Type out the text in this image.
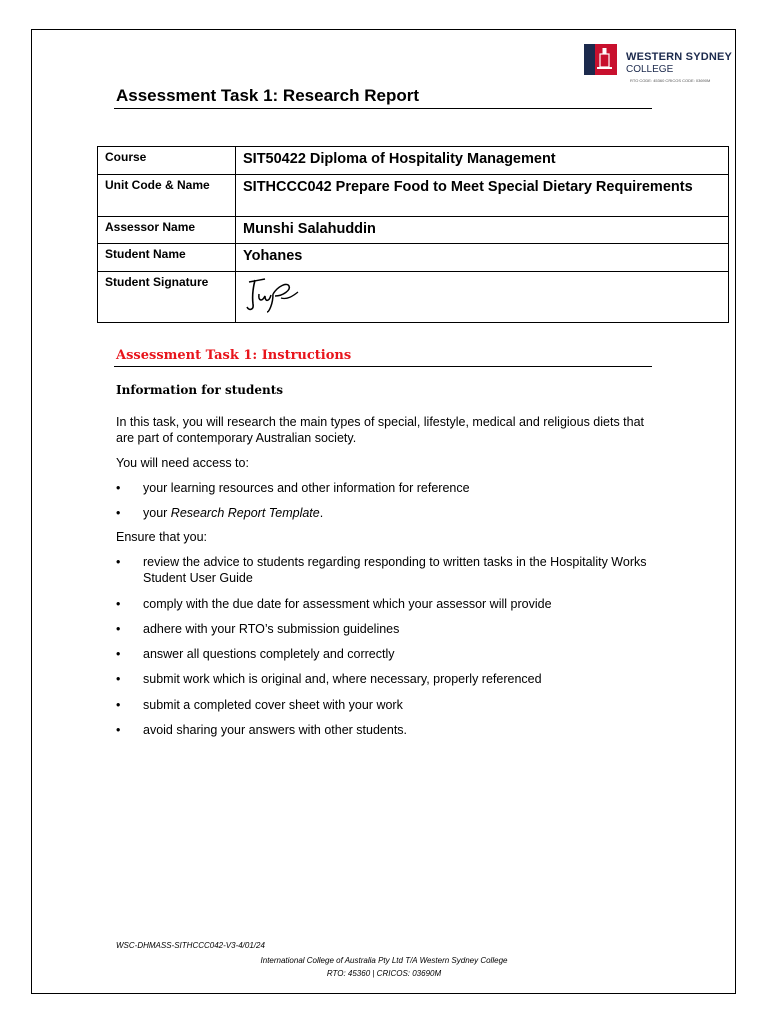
WESTERN SYDNEY
COLLEGE
RTO CODE: 45360 CRICOS CODE: 03690M
Assessment Task 1: Research Report
Course	SIT50422 Diploma of Hospitality Management
Unit Code & Name	SITHCCC042 Prepare Food to Meet Special Dietary Requirements
Assessor Name	Munshi Salahuddin
Student Name	Yohanes
Student Signature	
Assessment Task 1: Instructions
Information for students
In this task, you will research the main types of special, lifestyle, medical and religious diets that are part of contemporary Australian society.
You will need access to:
• your learning resources and other information for reference
• your Research Report Template.
Ensure that you:
• review the advice to students regarding responding to written tasks in the Hospitality Works Student User Guide
• comply with the due date for assessment which your assessor will provide
• adhere with your RTO’s submission guidelines
• answer all questions completely and correctly
• submit work which is original and, where necessary, properly referenced
• submit a completed cover sheet with your work
• avoid sharing your answers with other students.
WSC-DHMASS-SITHCCC042-V3-4/01/24
International College of Australia Pty Ltd T/A Western Sydney College
RTO: 45360 | CRICOS: 03690M
